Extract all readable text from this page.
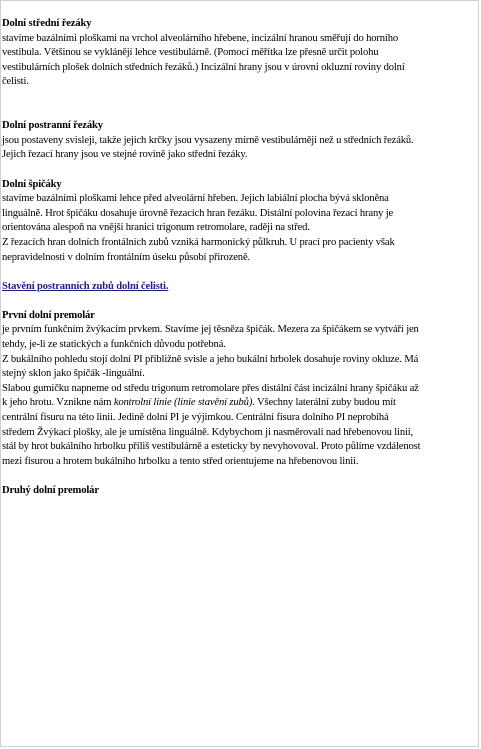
Dolní střední řezáky
stavíme bazálními ploškami na vrchol alveolárního hřebene, incizální hranou směřují do horního
vestibula. Většinou se vyklánějí lehce vestibulárně. (Pomocí měřítka lze přesně určit polohu
vestibulárních plošek dolních středních řezáků.) Incizální hrany jsou v úrovni okluzní roviny dolní
čelisti.
Dolní postranní řezáky
jsou postaveny svisleji, takže jejich krčky jsou vysazeny mírně vestibulárněji než u středních řezáků.
Jejich řezací hrany jsou ve stejné rovině jako střední řezáky.
Dolní špičáky
stavíme bazálními ploškami lehce před alveolární hřeben. Jejich labiální plocha bývá skloněna
linguálně. Hrot špičáku dosahuje úrovně řezacích hran řezáku. Distální polovina řezací hrany je
orientována alespoň na vnější hranici trigonum retromolare, raději na střed.
Z řezacích hran dolních frontálních zubů vzniká harmonický půlkruh. U prací pro pacienty však
nepravidelnosti v dolním frontálním úseku působí přirozeně.
Stavění postranních zubů dolní čelisti.
První dolní premolár
je prvním funkčním žvýkacím prvkem. Stavíme jej těsněza špičák. Mezera za špičákem se vytváří jen
tehdy, je-li ze statických a funkčních důvodu potřebná.
Z bukálního pohledu stojí dolní PI přibližně svisle a jeho bukální hrbolek dosahuje roviny okluze. Má
stejný sklon jako špičák -linguální.
Slabou gumičku napneme od středu trigonum retromolare přes distální část incizální hrany špičáku až
k jeho hrotu. Vznikne nám kontrolní linie (linie stavění zubů). Všechny laterální zuby budou mít
centrální fisuru na této linii. Jedině dolní PI je výjimkou. Centrální fisura dolního PI neprobíhá
středem Žvýkací plošky, ale je umístěna linguálně. Kdybychom ji nasměrovali nad hřebenovou linii,
stál by hrot bukálního hrbolku příliš vestibulárně a esteticky by nevyhovoval. Proto půlíme vzdálenost
mezi fisurou a hrotem bukálního hrbolku a tento střed orientujeme na hřebenovou linii.
Druhý dolní premolár
